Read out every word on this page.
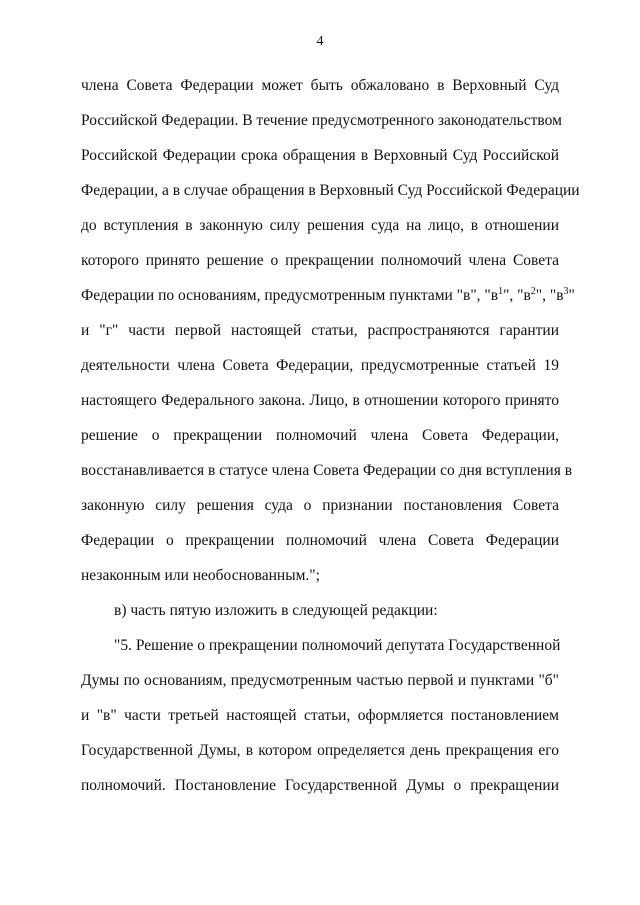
4
члена Совета Федерации может быть обжаловано в Верховный Суд
Российской Федерации. В течение предусмотренного законодательством
Российской Федерации срока обращения в Верховный Суд Российской
Федерации, а в случае обращения в Верховный Суд Российской Федерации
до вступления в законную силу решения суда на лицо, в отношении
которого принято решение о прекращении полномочий члена Совета
Федерации по основаниям, предусмотренным пунктами "в", "$в^1$", "$в^2$", "$в^3$"
и "г" части первой настоящей статьи, распространяются гарантии
деятельности члена Совета Федерации, предусмотренные статьей 19
настоящего Федерального закона. Лицо, в отношении которого принято
решение о прекращении полномочий члена Совета Федерации,
восстанавливается в статусе члена Совета Федерации со дня вступления в
законную силу решения суда о признании постановления Совета
Федерации о прекращении полномочий члена Совета Федерации
незаконным или необоснованным.";
в) часть пятую изложить в следующей редакции:
"5. Решение о прекращении полномочий депутата Государственной
Думы по основаниям, предусмотренным частью первой и пунктами "б"
и "в" части третьей настоящей статьи, оформляется постановлением
Государственной Думы, в котором определяется день прекращения его
полномочий. Постановление Государственной Думы о прекращении
